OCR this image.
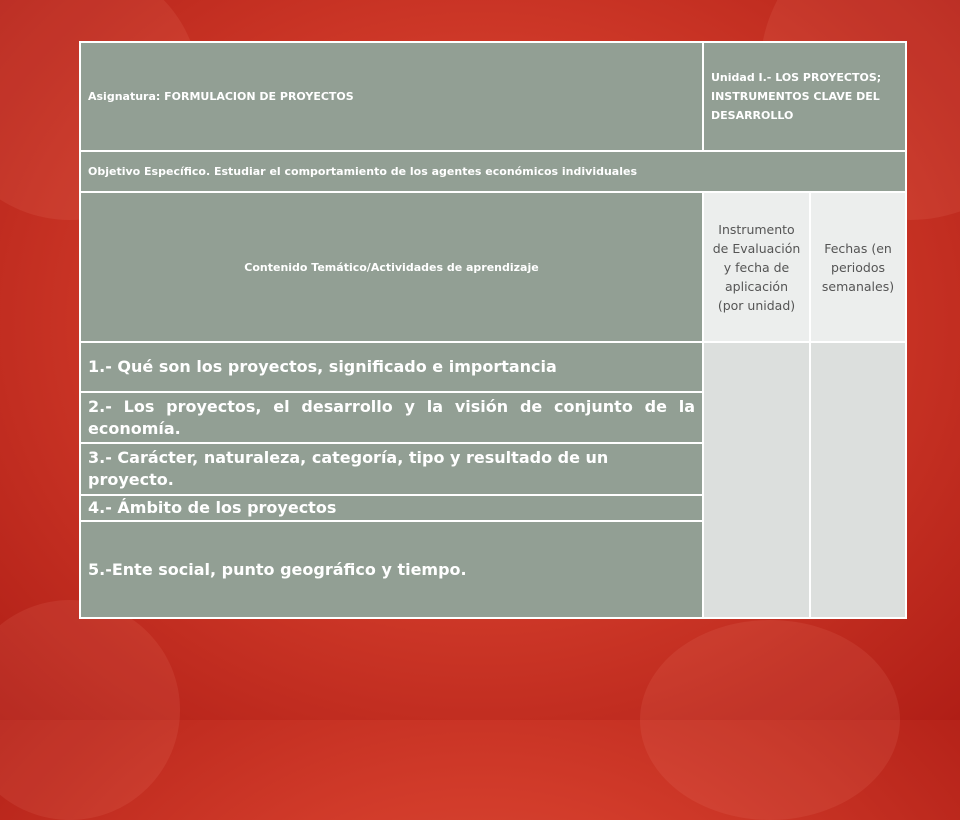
Asignatura: FORMULACION DE PROYECTOS	Unidad I.- LOS PROYECTOS; INSTRUMENTOS CLAVE DEL DESARROLLO	
Objetivo Específico. Estudiar el comportamiento de los agentes económicos individuales		
Contenido Temático/Actividades de aprendizaje	Instrumento de Evaluación y fecha de aplicación (por unidad)	Fechas (en periodos semanales)
1.- Qué son los proyectos, significado e importancia		
2.- Los proyectos, el desarrollo y la visión de conjunto de la economía.		
3.- Carácter, naturaleza, categoría, tipo y resultado de un proyecto.		
4.- Ámbito de los proyectos		
5.-Ente social, punto geográfico y tiempo.		
